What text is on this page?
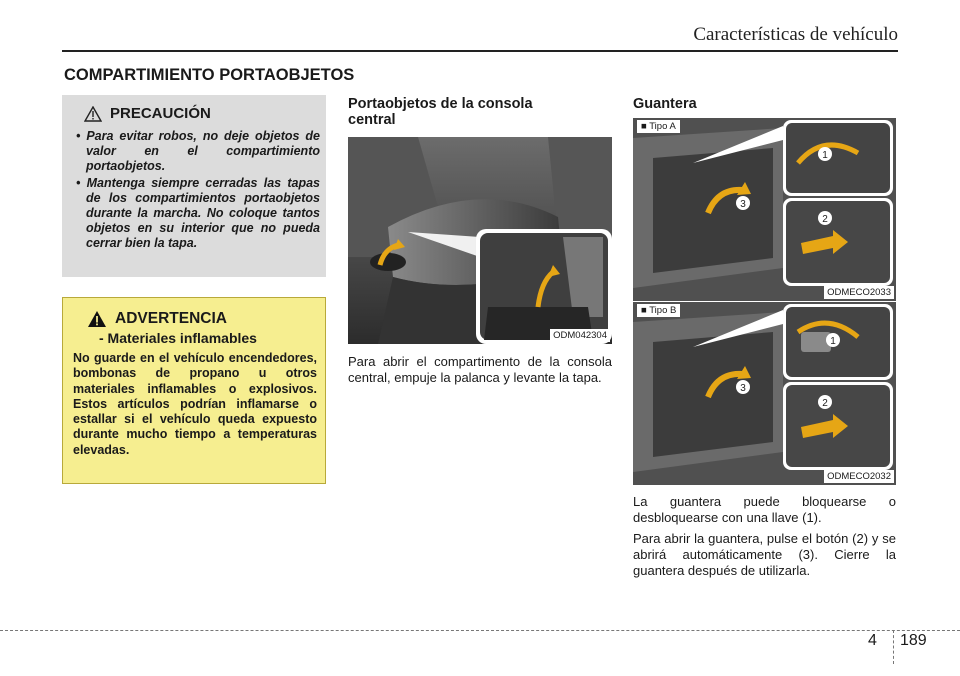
Características de vehículo
COMPARTIMIENTO PORTAOBJETOS
PRECAUCIÓN
• Para evitar robos, no deje objetos de valor en el compartimiento portaobjetos.
• Mantenga siempre cerradas las tapas de los compartimientos portaobjetos durante la marcha. No coloque tantos objetos en su interior que no pueda cerrar bien la tapa.
ADVERTENCIA
- Materiales inflamables
No guarde en el vehículo encendedores, bombonas de propano u otros materiales inflamables o explosivos. Estos artículos podrían inflamarse o estallar si el vehículo queda expuesto durante mucho tiempo a temperaturas elevadas.
Portaobjetos de la consola central
ODM042304
Para abrir el compartimento de la consola central, empuje la palanca y levante la tapa.
Guantera
3
1
2
■ Tipo A
ODMECO2033
3
1
2
■ Tipo B
ODMECO2032
La guantera puede bloquearse o desbloquearse con una llave (1).
Para abrir la guantera, pulse el botón (2) y se abrirá automáticamente (3). Cierre la guantera después de utilizarla.
4 189
